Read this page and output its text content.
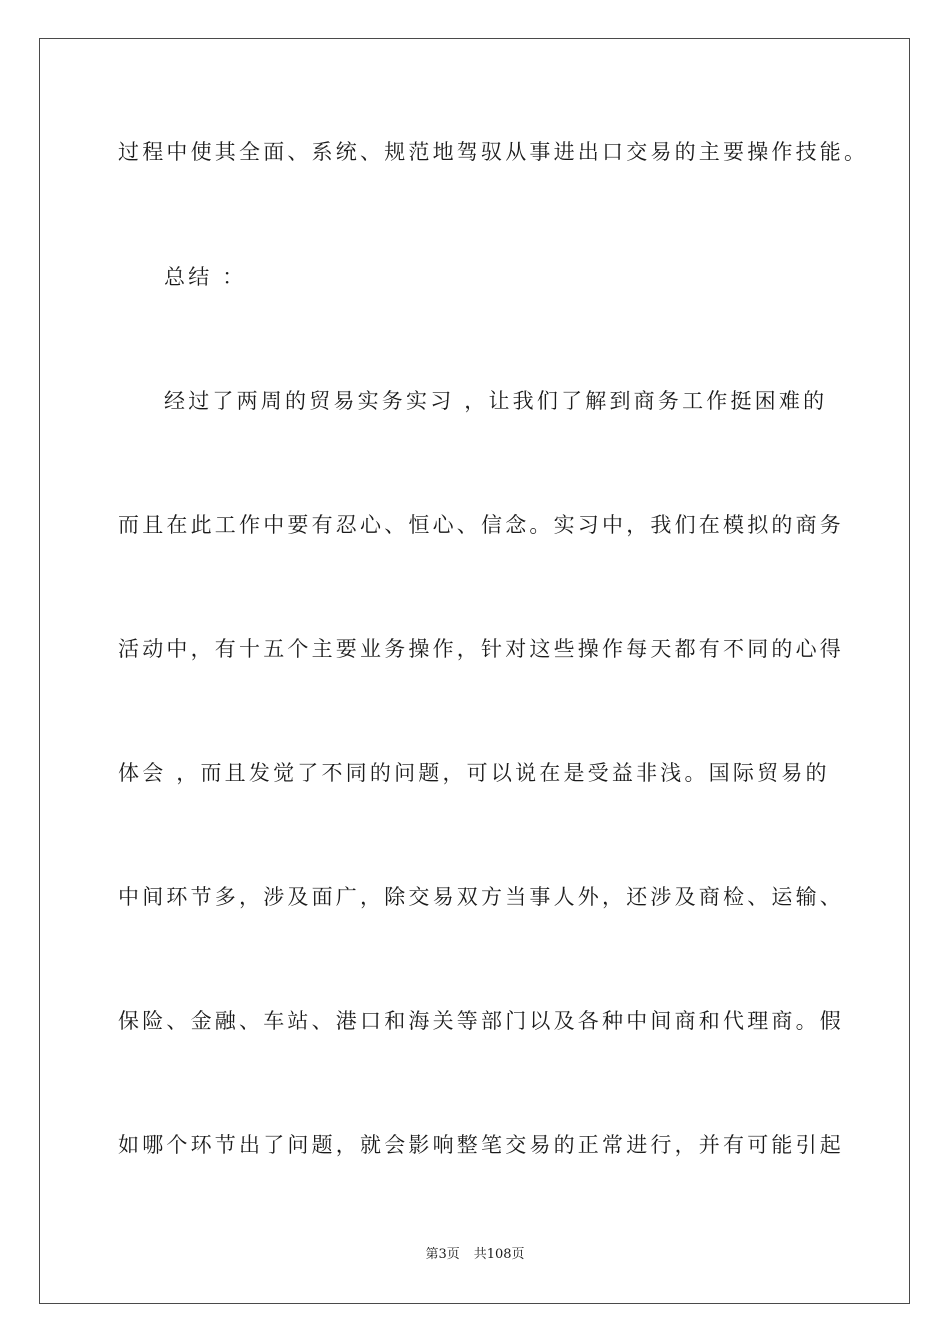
过程中使其全面、系统、规范地驾驭从事进出口交易的主要操作技能。
总结 ：
经过了两周的贸易实务实习 ，让我们了解到商务工作挺困难的
而且在此工作中要有忍心、恒心、信念。实习中，我们在模拟的商务
活动中，有十五个主要业务操作，针对这些操作每天都有不同的心得
体会 ，而且发觉了不同的问题，可以说在是受益非浅。国际贸易的
中间环节多，涉及面广，除交易双方当事人外，还涉及商检、运输、
保险、金融、车站、港口和海关等部门以及各种中间商和代理商。假
如哪个环节出了问题，就会影响整笔交易的正常进行，并有可能引起
第3页 共108页
